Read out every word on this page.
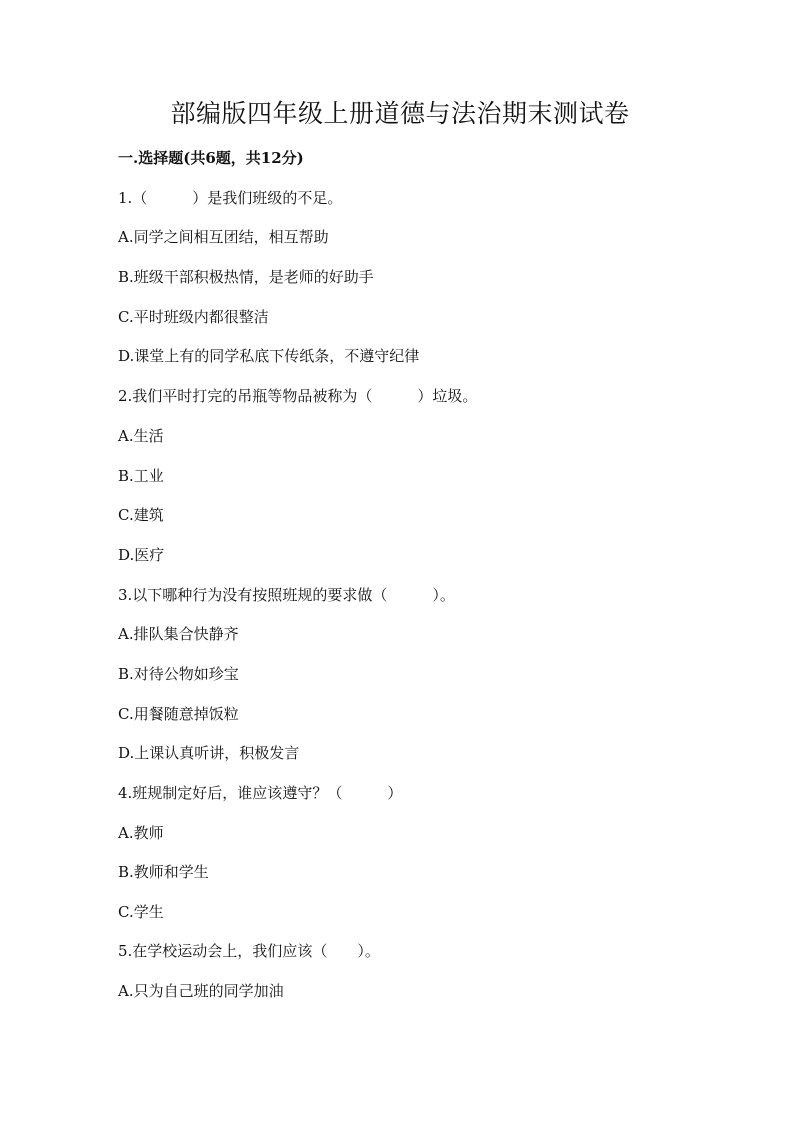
部编版四年级上册道德与法治期末测试卷
一.选择题(共6题，共12分)
1.（　　　）是我们班级的不足。
A.同学之间相互团结，相互帮助
B.班级干部积极热情，是老师的好助手
C.平时班级内都很整洁
D.课堂上有的同学私底下传纸条，不遵守纪律
2.我们平时打完的吊瓶等物品被称为（　　　）垃圾。
A.生活
B.工业
C.建筑
D.医疗
3.以下哪种行为没有按照班规的要求做（　　　）。
A.排队集合快静齐
B.对待公物如珍宝
C.用餐随意掉饭粒
D.上课认真听讲，积极发言
4.班规制定好后，谁应该遵守？（　　　）
A.教师
B.教师和学生
C.学生
5.在学校运动会上，我们应该（　　）。
A.只为自己班的同学加油
